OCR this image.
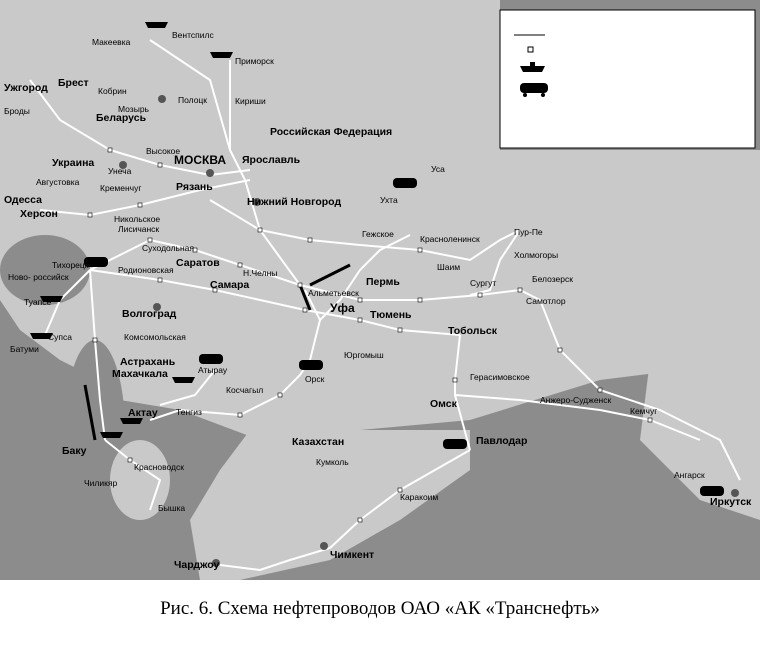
Макеевка
Вентспилс
Приморск
Ужгород Брест
Броды
Кобрин
Мозырь
Полоцк	Кириши
Беларусь
Российская Федерация
Высокое
Украина	МОСКВА Ярославль
Унеча	Уса
Августовка
Кременчуг	Рязань
Ухта
Одесса
Херсон
Нижний Новгород
Никольское
Лисичанск	Гежское	Красноленинск
Пур-Пе
Суходольная
Тихорецк	Родионовская
Саратов
Холмогоры
Шаим
Ново- российск	Н.Челны
Пермь	Белозерск
Самара
Альметьевск
Сургут
Туапсе	Самотлор
Волгоград	Уфа Тюмень
Супса	Тобольск
Батуми
Комсомольская
Юргомыш
Астрахань
Атырау
Герасимовское
Махачкала	Орск
Косчагыл
Анжеро-Судженск
Омск
Кемчуг
Актау Тенгиз
Казахстан	Павлодар
Баку
Кумколь
Ангарск
Красноводск
Иркутск
Чиликяр
Каракоим
Бышка
Чимкент
Чарджоу
Рис. 6. Схема нефтепроводов ОАО «АК «Транснефть»
